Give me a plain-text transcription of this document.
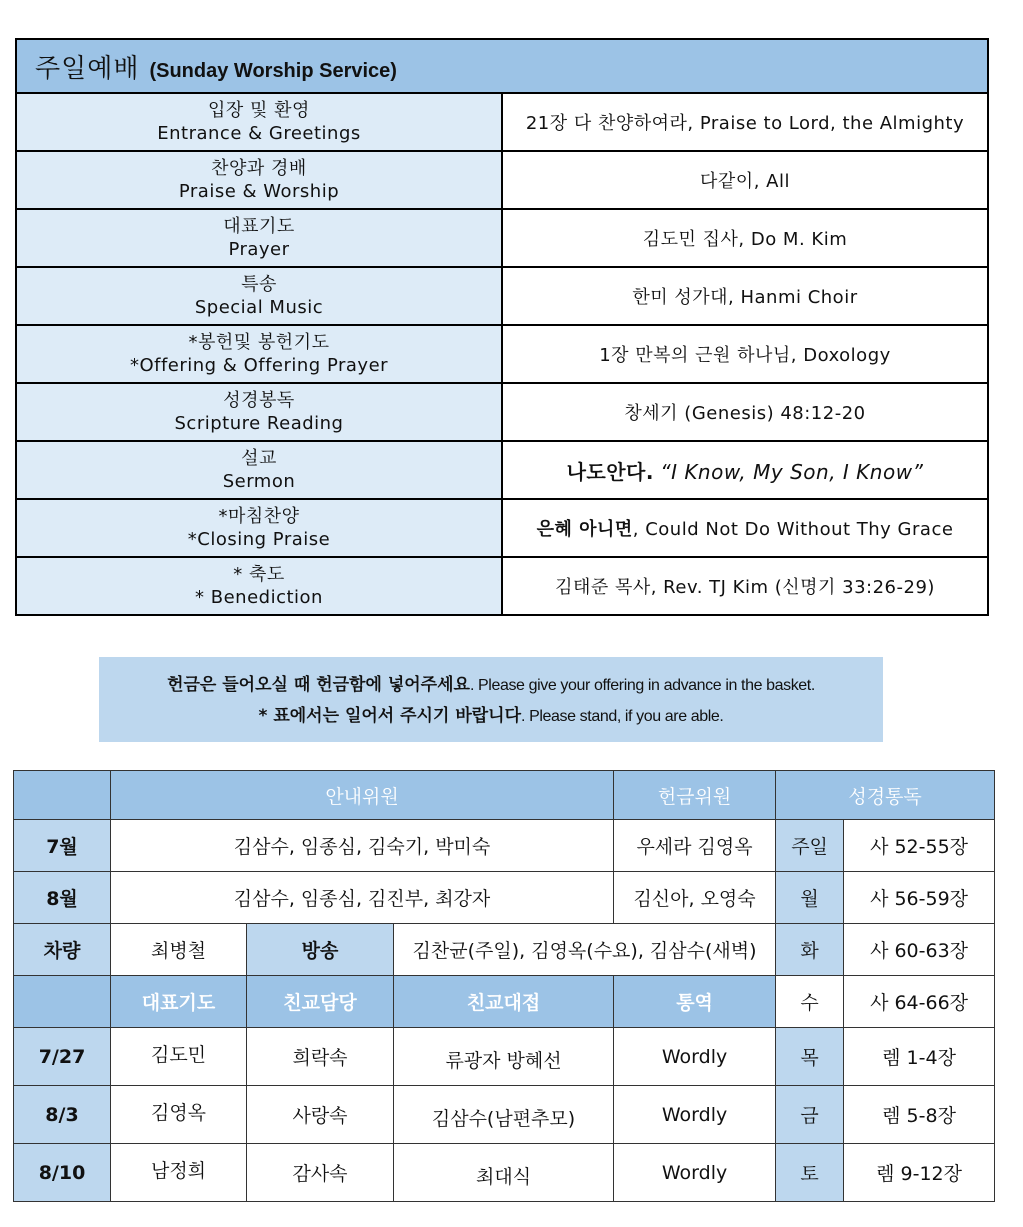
주일예배 (Sunday Worship Service)	
입장 및 환영
Entrance & Greetings	21장 다 찬양하여라, Praise to Lord, the Almighty
찬양과 경배
Praise & Worship	다같이, All
대표기도
Prayer	김도민 집사, Do M. Kim
특송
Special Music	한미 성가대, Hanmi Choir
*봉헌및 봉헌기도
*Offering & Offering Prayer	1장 만복의 근원 하나님, Doxology
성경봉독
Scripture Reading	창세기 (Genesis) 48:12-20
설교
Sermon	나도안다. “I Know, My Son, I Know”
*마침찬양
*Closing Praise	은혜 아니면, Could Not Do Without Thy Grace
* 축도
* Benediction	김태준 목사, Rev. TJ Kim (신명기 33:26-29)
헌금은 들어오실 때 헌금함에 넣어주세요. Please give your offering in advance in the basket.
* 표에서는 일어서 주시기 바랍니다. Please stand, if you are able.
	안내위원			헌금위원	성경통독	
7월	김삼수, 임종심, 김숙기, 박미숙			우세라 김영옥	주일	사 52-55장
8월	김삼수, 임종심, 김진부, 최강자			김신아, 오영숙	월	사 56-59장
차량	최병철	방송	김찬균(주일), 김영옥(수요), 김삼수(새벽)		화	사 60-63장
	대표기도	친교담당	친교대접	통역	수	사 64-66장
7/27	김도민	희락속	류광자 방혜선	Wordly	목	렘 1-4장
8/3	김영옥	사랑속	김삼수(남편추모)	Wordly	금	렘 5-8장
8/10	남정희	감사속	최대식	Wordly	토	렘 9-12장
